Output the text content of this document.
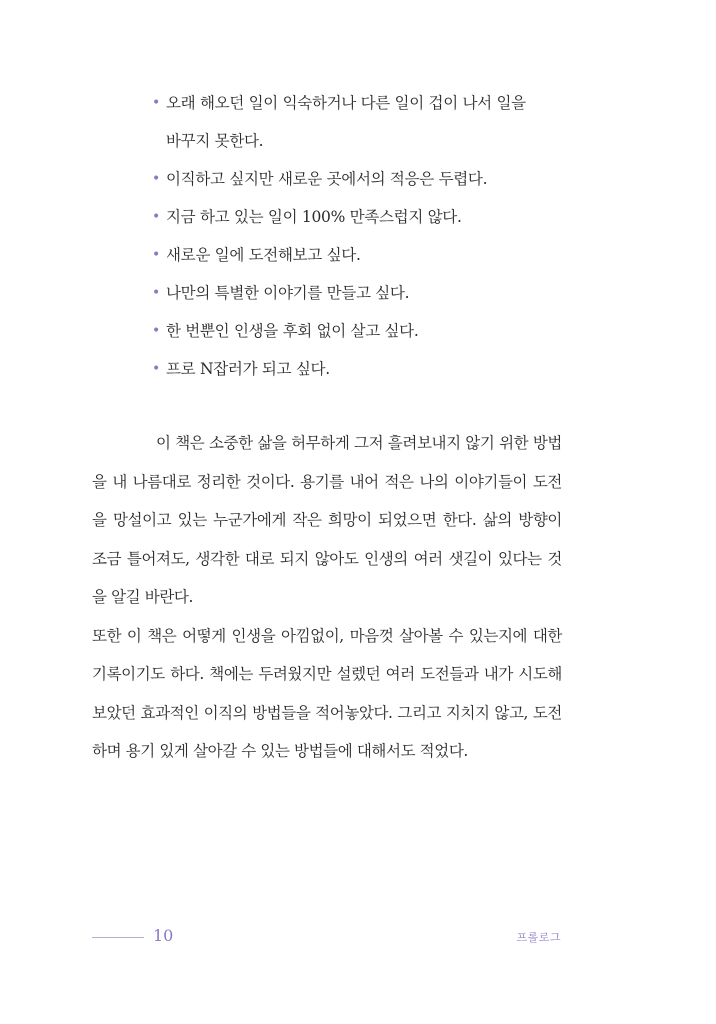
• 오래 해오던 일이 익숙하거나 다른 일이 겁이 나서 일을
바꾸지 못한다.
• 이직하고 싶지만 새로운 곳에서의 적응은 두렵다.
• 지금 하고 있는 일이 100% 만족스럽지 않다.
• 새로운 일에 도전해보고 싶다.
• 나만의 특별한 이야기를 만들고 싶다.
• 한 번뿐인 인생을 후회 없이 살고 싶다.
• 프로 N잡러가 되고 싶다.

이 책은 소중한 삶을 허무하게 그저 흘려보내지 않기 위한 방법을 내 나름대로 정리한 것이다. 용기를 내어 적은 나의 이야기들이 도전을 망설이고 있는 누군가에게 작은 희망이 되었으면 한다. 삶의 방향이 조금 틀어져도, 생각한 대로 되지 않아도 인생의 여러 샛길이 있다는 것을 알길 바란다.

또한 이 책은 어떻게 인생을 아낌없이, 마음껏 살아볼 수 있는지에 대한 기록이기도 하다. 책에는 두려웠지만 설렜던 여러 도전들과 내가 시도해 보았던 효과적인 이직의 방법들을 적어놓았다. 그리고 지치지 않고, 도전하며 용기 있게 살아갈 수 있는 방법들에 대해서도 적었다.

10	프롤로그
